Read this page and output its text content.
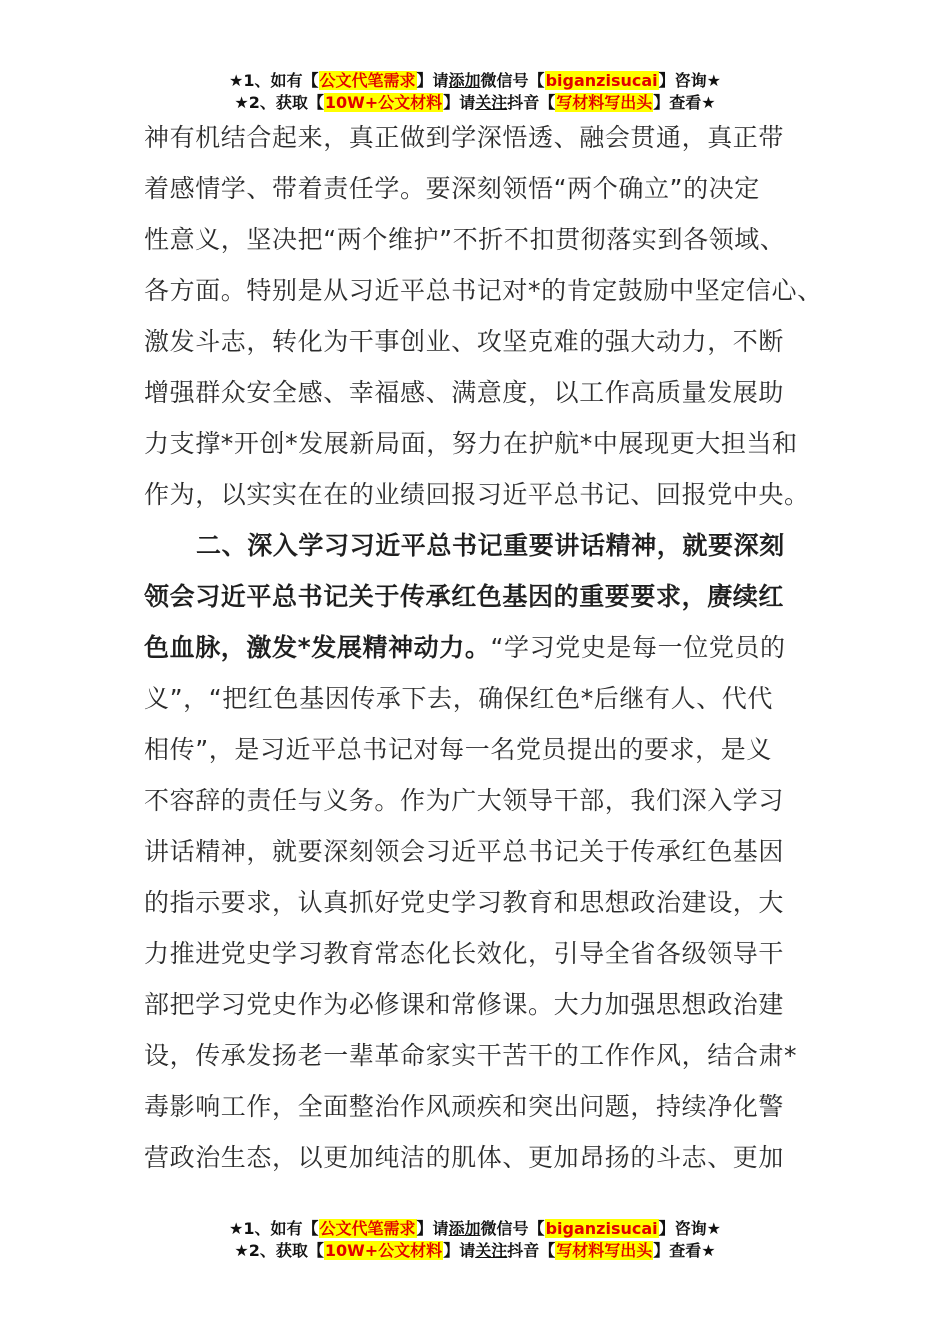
★1、如有【公文代笔需求】请添加微信号【biganzisucai】咨询★
★2、获取【10W+公文材料】请关注抖音【写材料写出头】查看★
神有机结合起来，真正做到学深悟透、融会贯通，真正带
着感情学、带着责任学。要深刻领悟“两个确立”的决定
性意义，坚决把“两个维护”不折不扣贯彻落实到各领域、
各方面。特别是从习近平总书记对*的肯定鼓励中坚定信心、
激发斗志，转化为干事创业、攻坚克难的强大动力，不断
增强群众安全感、幸福感、满意度，以工作高质量发展助
力支撑*开创*发展新局面，努力在护航*中展现更大担当和
作为，以实实在在的业绩回报习近平总书记、回报党中央。
二、深入学习习近平总书记重要讲话精神，就要深刻
领会习近平总书记关于传承红色基因的重要要求，赓续红
色血脉，激发*发展精神动力。“学习党史是每一位党员的
义”，“把红色基因传承下去，确保红色*后继有人、代代
相传”，是习近平总书记对每一名党员提出的要求，是义
不容辞的责任与义务。作为广大领导干部，我们深入学习
讲话精神，就要深刻领会习近平总书记关于传承红色基因
的指示要求，认真抓好党史学习教育和思想政治建设，大
力推进党史学习教育常态化长效化，引导全省各级领导干
部把学习党史作为必修课和常修课。大力加强思想政治建
设，传承发扬老一辈革命家实干苦干的工作作风，结合肃*
毒影响工作，全面整治作风顽疾和突出问题，持续净化警
营政治生态，以更加纯洁的肌体、更加昂扬的斗志、更加
★1、如有【公文代笔需求】请添加微信号【biganzisucai】咨询★
★2、获取【10W+公文材料】请关注抖音【写材料写出头】查看★
